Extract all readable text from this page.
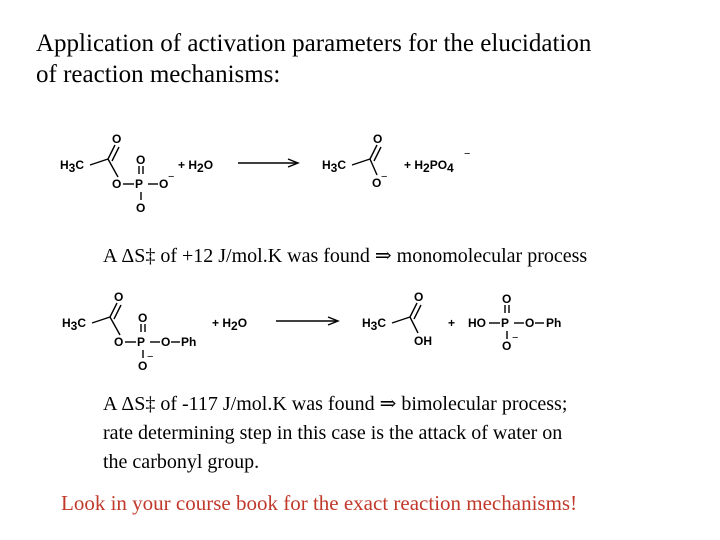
Application of activation parameters for the elucidation
of reaction mechanisms:
H3C
O
O P
O
O
O −
+ H2O	H3C
O
O −
+ H2PO4
−
A ΔS‡ of +12 J/mol.K was found ⇒ monomolecular process
H3C
O
O P
O
O
−
O Ph
+ H2O	H3C
O
OH
+ HO P
O
O
−
O Ph
A ΔS‡ of -117 J/mol.K was found ⇒ bimolecular process;
rate determining step in this case is the attack of water on
the carbonyl group.
Look in your course book for the exact reaction mechanisms!
